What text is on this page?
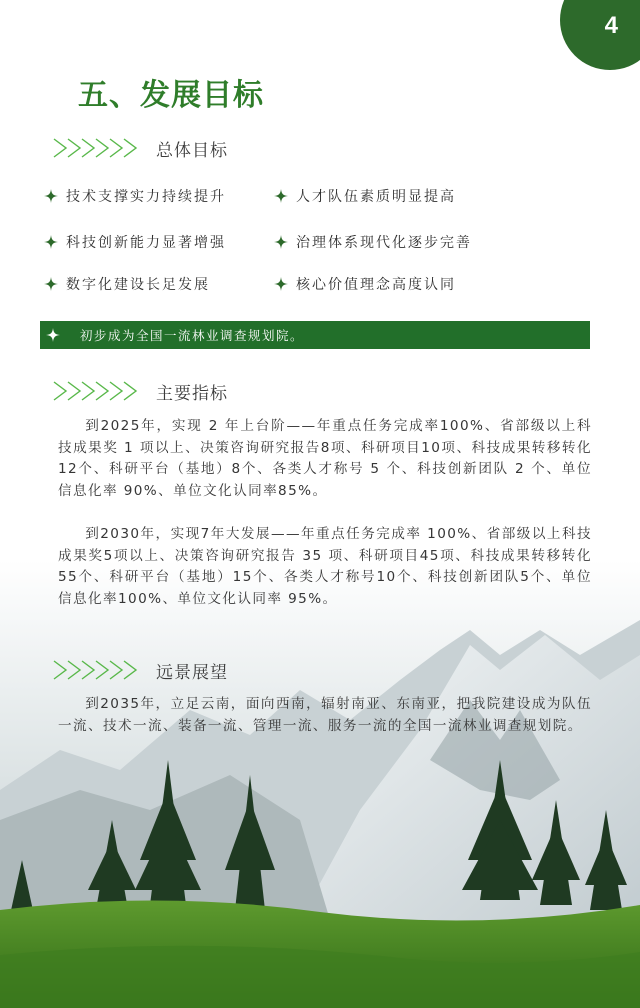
4
五、发展目标
总体目标
技术支撑实力持续提升	人才队伍素质明显提高
科技创新能力显著增强	治理体系现代化逐步完善
数字化建设长足发展	核心价值理念高度认同
初步成为全国一流林业调查规划院。
主要指标

到2025年，实现 2 年上台阶——年重点任务完成率100%、省部级以上科技成果奖 1 项以上、决策咨询研究报告8项、科研项目10项、科技成果转移转化12个、科研平台（基地）8个、各类人才称号 5 个、科技创新团队 2 个、单位信息化率 90%、单位文化认同率85%。

到2030年，实现7年大发展——年重点任务完成率 100%、省部级以上科技成果奖5项以上、决策咨询研究报告 35 项、科研项目45项、科技成果转移转化55个、科研平台（基地）15个、各类人才称号10个、科技创新团队5个、单位信息化率100%、单位文化认同率 95%。

远景展望

到2035年，立足云南，面向西南，辐射南亚、东南亚，把我院建设成为队伍一流、技术一流、装备一流、管理一流、服务一流的全国一流林业调查规划院。
